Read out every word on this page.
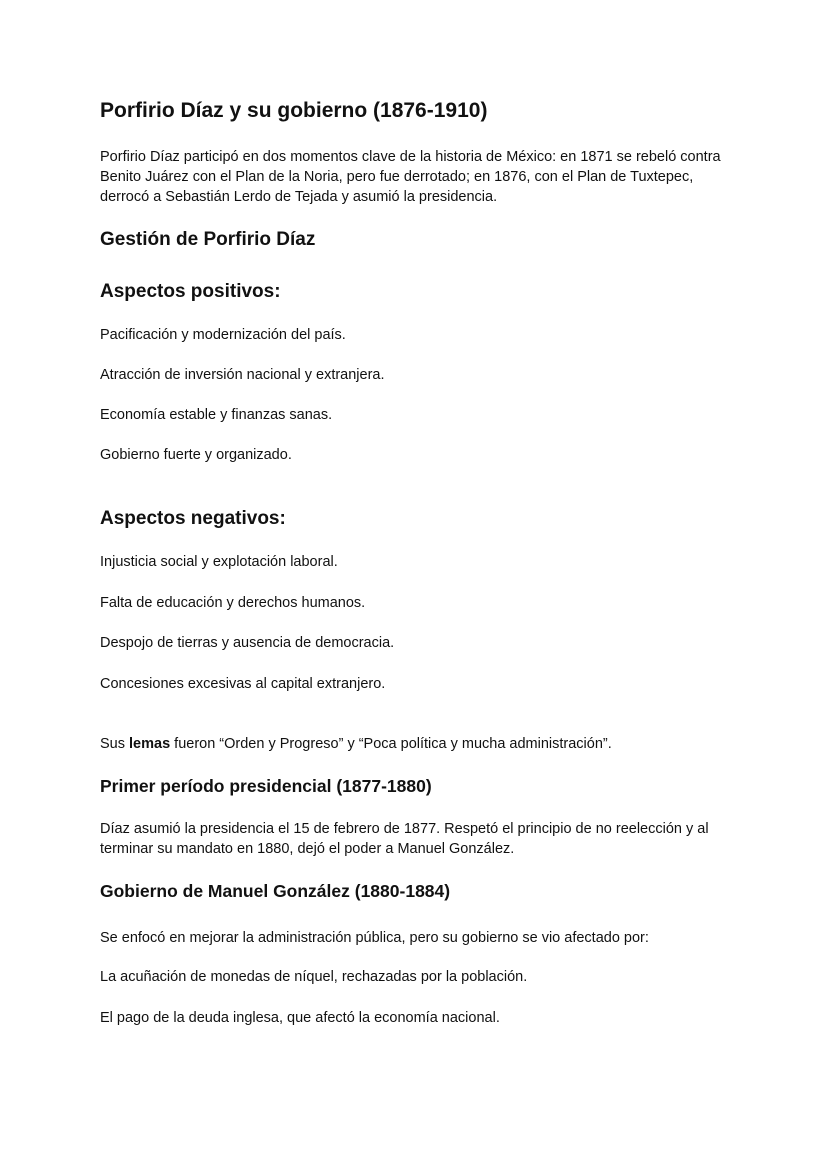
Porfirio Díaz y su gobierno (1876-1910)

Porfirio Díaz participó en dos momentos clave de la historia de México: en 1871 se rebeló contra Benito Juárez con el Plan de la Noria, pero fue derrotado; en 1876, con el Plan de Tuxtepec, derrocó a Sebastián Lerdo de Tejada y asumió la presidencia.

Gestión de Porfirio Díaz
Aspectos positivos:

Pacificación y modernización del país.

Atracción de inversión nacional y extranjera.

Economía estable y finanzas sanas.

Gobierno fuerte y organizado.

Aspectos negativos:

Injusticia social y explotación laboral.

Falta de educación y derechos humanos.

Despojo de tierras y ausencia de democracia.

Concesiones excesivas al capital extranjero.

Sus lemas fueron “Orden y Progreso” y “Poca política y mucha administración”.

Primer período presidencial (1877-1880)

Díaz asumió la presidencia el 15 de febrero de 1877. Respetó el principio de no reelección y al terminar su mandato en 1880, dejó el poder a Manuel González.

Gobierno de Manuel González (1880-1884)

Se enfocó en mejorar la administración pública, pero su gobierno se vio afectado por:

La acuñación de monedas de níquel, rechazadas por la población.

El pago de la deuda inglesa, que afectó la economía nacional.
